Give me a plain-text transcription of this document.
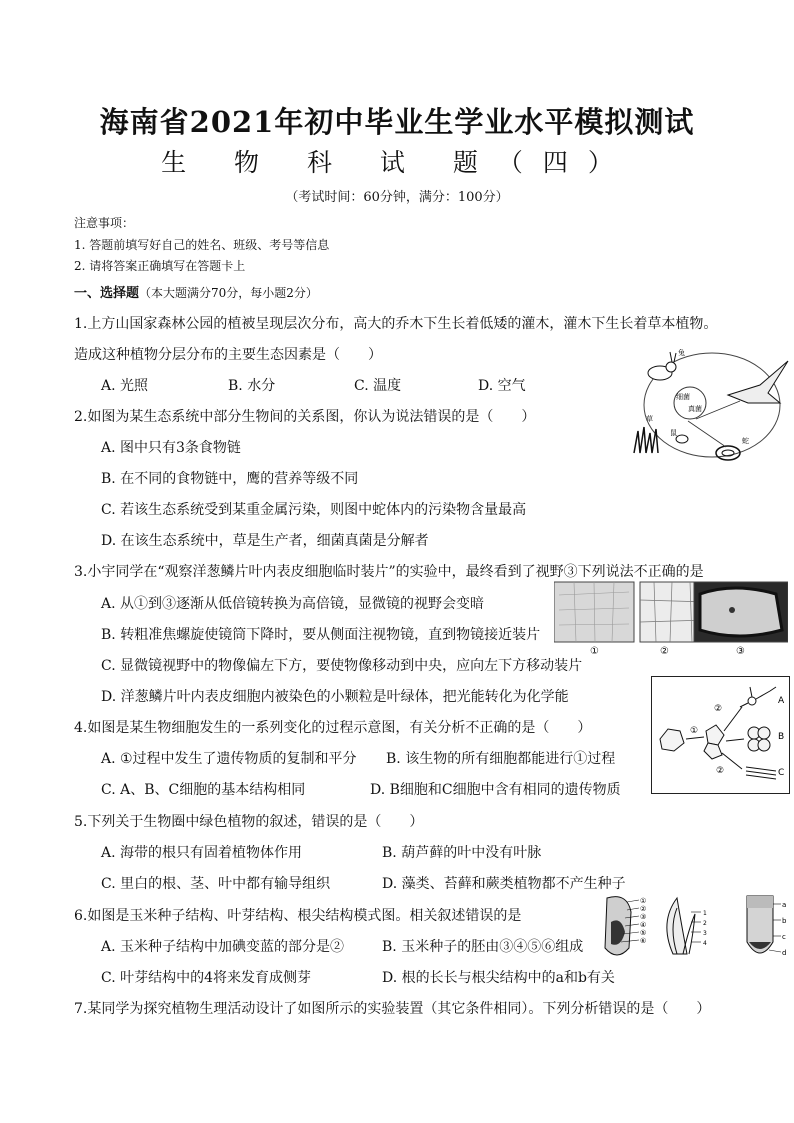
海南省2021年初中毕业生学业水平模拟测试
生 物 科 试 题（四）
（考试时间：60分钟，满分：100分）
注意事项：
1. 答题前填写好自己的姓名、班级、考号等信息
2. 请将答案正确填写在答题卡上
一、选择题（本大题满分70分，每小题2分）
1.上方山国家森林公园的植被呈现层次分布，高大的乔木下生长着低矮的灌木，灌木下生长着草本植物。
造成这种植物分层分布的主要生态因素是（　　）
A. 光照	B. 水分	C. 温度	D. 空气
2.如图为某生态系统中部分生物间的关系图，你认为说法错误的是（　　）
A. 图中只有3条食物链
B. 在不同的食物链中，鹰的营养等级不同
C. 若该生态系统受到某重金属污染，则图中蛇体内的污染物含量最高
D. 在该生态系统中，草是生产者，细菌真菌是分解者
细菌
真菌
兔
草
鼠
蛇
3.小宇同学在“观察洋葱鳞片叶内表皮细胞临时装片”的实验中，最终看到了视野③下列说法不正确的是
A. 从①到③逐渐从低倍镜转换为高倍镜，显微镜的视野会变暗
B. 转粗准焦螺旋使镜筒下降时，要从侧面注视物镜，直到物镜接近装片
C. 显微镜视野中的物像偏左下方，要使物像移动到中央，应向左下方移动装片
D. 洋葱鳞片叶内表皮细胞内被染色的小颗粒是叶绿体，把光能转化为化学能
①	②	③
4.如图是某生物细胞发生的一系列变化的过程示意图，有关分析不正确的是（　　）
A. ①过程中发生了遗传物质的复制和平分 B. 该生物的所有细胞都能进行①过程
C. A、B、C细胞的基本结构相同	D. B细胞和C细胞中含有相同的遗传物质
①
②
②
A
B
C
5.下列关于生物圈中绿色植物的叙述，错误的是（　　）
A. 海带的根只有固着植物体作用	B. 葫芦藓的叶中没有叶脉
C. 里白的根、茎、叶中都有输导组织	D. 藻类、苔藓和蕨类植物都不产生种子
6.如图是玉米种子结构、叶芽结构、根尖结构模式图。相关叙述错误的是
A. 玉米种子结构中加碘变蓝的部分是②	B. 玉米种子的胚由③④⑤⑥组成
C. 叶芽结构中的4将来发育成侧芽	D. 根的长长与根尖结构中的a和b有关
①
②
③
④
⑤
⑥
1
2
3
4
a
b
c
d
7.某同学为探究植物生理活动设计了如图所示的实验装置（其它条件相同）。下列分析错误的是（　　）
